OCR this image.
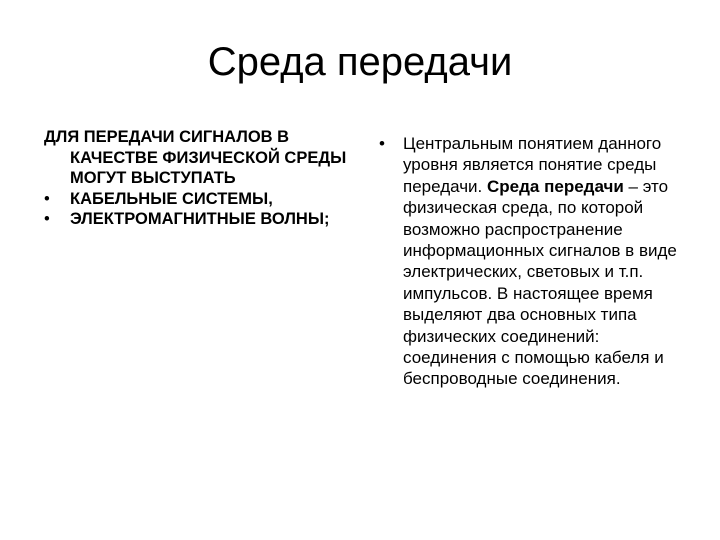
Среда передачи
ДЛЯ ПЕРЕДАЧИ СИГНАЛОВ В КАЧЕСТВЕ ФИЗИЧЕСКОЙ СРЕДЫ МОГУТ ВЫСТУПАТЬ
• КАБЕЛЬНЫЕ СИСТЕМЫ,
• ЭЛЕКТРОМАГНИТНЫЕ ВОЛНЫ;
• Центральным понятием данного уровня является понятие среды передачи. Среда передачи – это физическая среда, по которой возможно распространение информационных сигналов в виде электрических, световых и т.п. импульсов. В настоящее время выделяют два основных типа физических соединений: соединения с помощью кабеля и беспроводные соединения.
